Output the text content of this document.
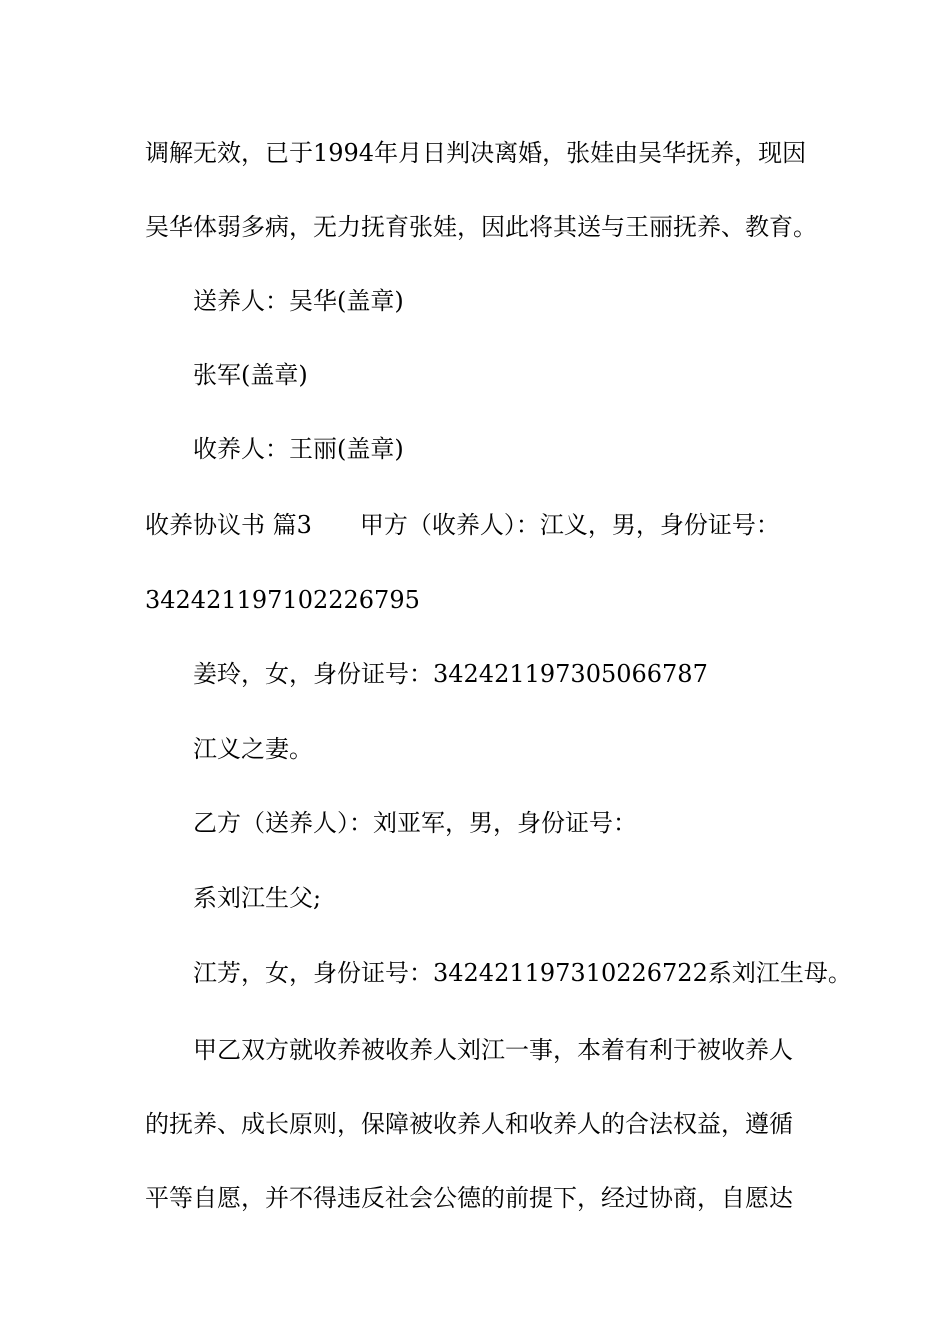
调解无效，已于1994年月日判决离婚，张娃由吴华抚养，现因
吴华体弱多病，无力抚育张娃，因此将其送与王丽抚养、教育。
送养人：吴华(盖章)
张军(盖章)
收养人：王丽(盖章)
收养协议书 篇3 甲方（收养人）：江义，男，身份证号：
342421197102226795
姜玲，女，身份证号：342421197305066787
江义之妻。
乙方（送养人）：刘亚军，男，身份证号：
系刘江生父;
江芳，女，身份证号：342421197310226722系刘江生母。
甲乙双方就收养被收养人刘江一事，本着有利于被收养人
的抚养、成长原则，保障被收养人和收养人的合法权益，遵循
平等自愿，并不得违反社会公德的前提下，经过协商，自愿达
